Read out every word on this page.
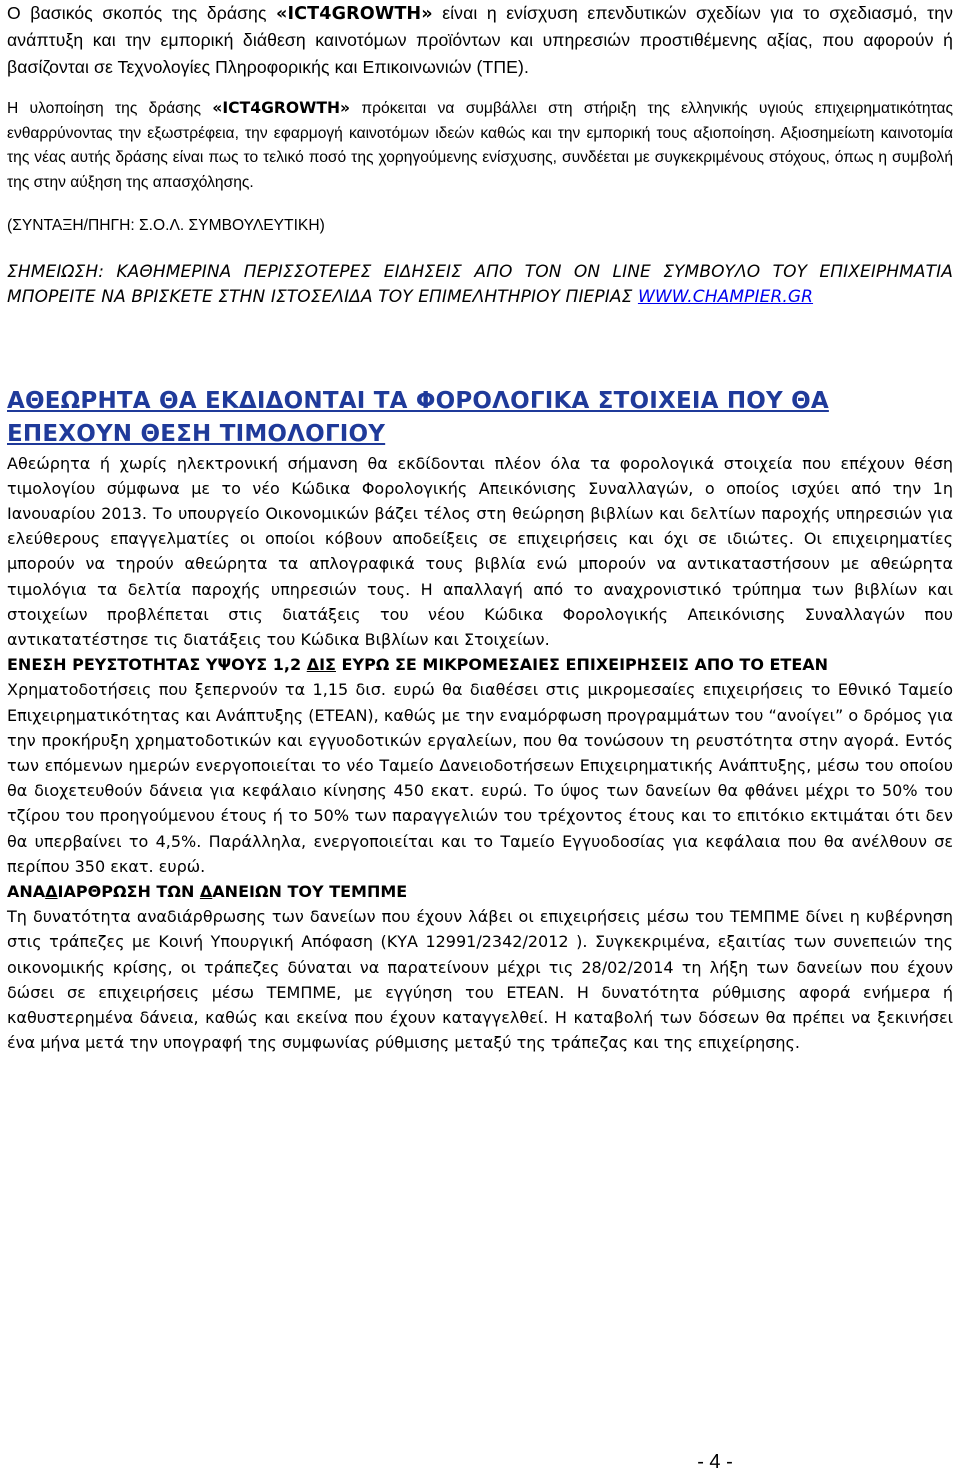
Ο βασικός σκοπός της δράσης «ICT4GROWTH» είναι η ενίσχυση επενδυτικών σχεδίων για το σχεδιασμό, την ανάπτυξη και την εμπορική διάθεση καινοτόμων προϊόντων και υπηρεσιών προστιθέμενης αξίας, που αφορούν ή βασίζονται σε Τεχνολογίες Πληροφορικής και Επικοινωνιών (ΤΠΕ).

Η υλοποίηση της δράσης «ICT4GROWTH» πρόκειται να συμβάλλει στη στήριξη της ελληνικής υγιούς επιχειρηματικότητας ενθαρρύνοντας την εξωστρέφεια, την εφαρμογή καινοτόμων ιδεών καθώς και την εμπορική τους αξιοποίηση. Αξιοσημείωτη καινοτομία της νέας αυτής δράσης είναι πως το τελικό ποσό της χορηγούμενης ενίσχυσης, συνδέεται με συγκεκριμένους στόχους, όπως η συμβολή της στην αύξηση της απασχόλησης.

(ΣΥΝΤΑΞΗ/ΠΗΓΗ: Σ.Ο.Λ. ΣΥΜΒΟΥΛΕΥΤΙΚΗ)

ΣΗΜΕΙΩΣΗ: ΚΑΘΗΜΕΡΙΝΑ ΠΕΡΙΣΣΟΤΕΡΕΣ ΕΙΔΗΣΕΙΣ ΑΠΟ ΤΟΝ ΟΝ LINE ΣΥΜΒΟΥΛΟ ΤΟΥ ΕΠΙΧΕΙΡΗΜΑΤΙΑ ΜΠΟΡΕΙΤΕ ΝΑ ΒΡΙΣΚΕΤΕ ΣΤΗΝ ΙΣΤΟΣΕΛΙΔΑ ΤΟΥ ΕΠΙΜΕΛΗΤΗΡΙΟΥ ΠΙΕΡΙΑΣ WWW.CHAMPIER.GR

ΑΘΕΩΡΗΤΑ ΘΑ ΕΚΔΙΔΟΝΤΑΙ ΤΑ ΦΟΡΟΛΟΓΙΚΑ ΣΤΟΙΧΕΙΑ ΠΟΥ ΘΑ ΕΠΕΧΟΥΝ ΘΕΣΗ ΤΙΜΟΛΟΓΙΟΥ

Αθεώρητα ή χωρίς ηλεκτρονική σήμανση θα εκδίδονται πλέον όλα τα φορολογικά στοιχεία που επέχουν θέση τιμολογίου σύμφωνα με το νέο Κώδικα Φορολογικής Απεικόνισης Συναλλαγών, ο οποίος ισχύει από την 1η Ιανουαρίου 2013. Το υπουργείο Οικονομικών βάζει τέλος στη θεώρηση βιβλίων και δελτίων παροχής υπηρεσιών για ελεύθερους επαγγελματίες οι οποίοι κόβουν αποδείξεις σε επιχειρήσεις και όχι σε ιδιώτες. Οι επιχειρηματίες μπορούν να τηρούν αθεώρητα τα απλογραφικά τους βιβλία ενώ μπορούν να αντικαταστήσουν με αθεώρητα τιμολόγια τα δελτία παροχής υπηρεσιών τους. Η απαλλαγή από το αναχρονιστικό τρύπημα των βιβλίων και στοιχείων προβλέπεται στις διατάξεις του νέου Κώδικα Φορολογικής Απεικόνισης Συναλλαγών που αντικατατέστησε τις διατάξεις του Κώδικα Βιβλίων και Στοιχείων.

ΕΝΕΣΗ ΡΕΥΣΤΟΤΗΤΑΣ ΥΨΟΥΣ 1,2 ΔΙΣ ΕΥΡΩ ΣΕ ΜΙΚΡΟΜΕΣΑΙΕΣ ΕΠΙΧΕΙΡΗΣΕΙΣ ΑΠΟ ΤΟ ΕΤΕΑΝ

Χρηματοδοτήσεις που ξεπερνούν τα 1,15 δισ. ευρώ θα διαθέσει στις μικρομεσαίες επιχειρήσεις το Εθνικό Ταμείο Επιχειρηματικότητας και Ανάπτυξης (ΕΤΕΑΝ), καθώς με την εναμόρφωση προγραμμάτων του “ανοίγει” ο δρόμος για την προκήρυξη χρηματοδοτικών και εγγυοδοτικών εργαλείων, που θα τονώσουν τη ρευστότητα στην αγορά. Εντός των επόμενων ημερών ενεργοποιείται το νέο Ταμείο Δανειοδοτήσεων Επιχειρηματικής Ανάπτυξης, μέσω του οποίου θα διοχετευθούν δάνεια για κεφάλαιο κίνησης 450 εκατ. ευρώ. Το ύψος των δανείων θα φθάνει μέχρι το 50% του τζίρου του προηγούμενου έτους ή το 50% των παραγγελιών του τρέχοντος έτους και το επιτόκιο εκτιμάται ότι δεν θα υπερβαίνει το 4,5%. Παράλληλα, ενεργοποιείται και το Ταμείο Εγγυοδοσίας για κεφάλαια που θα ανέλθουν σε περίπου 350 εκατ. ευρώ.

ΑΝΑΔΙΑΡΘΡΩΣΗ ΤΩΝ ΔΑΝΕΙΩΝ ΤΟΥ ΤΕΜΠΜΕ

Τη δυνατότητα αναδιάρθρωσης των δανείων που έχουν λάβει οι επιχειρήσεις μέσω του ΤΕΜΠΜΕ δίνει η κυβέρνηση στις τράπεζες με Κοινή Υπουργική Απόφαση (ΚΥΑ 12991/2342/2012 ). Συγκεκριμένα, εξαιτίας των συνεπειών της οικονομικής κρίσης, οι τράπεζες δύναται να παρατείνουν μέχρι τις 28/02/2014 τη λήξη των δανείων που έχουν δώσει σε επιχειρήσεις μέσω ΤΕΜΠΜΕ, με εγγύηση του ΕΤΕΑΝ. Η δυνατότητα ρύθμισης αφορά ενήμερα ή καθυστερημένα δάνεια, καθώς και εκείνα που έχουν καταγγελθεί. Η καταβολή των δόσεων θα πρέπει να ξεκινήσει ένα μήνα μετά την υπογραφή της συμφωνίας ρύθμισης μεταξύ της τράπεζας και της επιχείρησης.

- 4 -
